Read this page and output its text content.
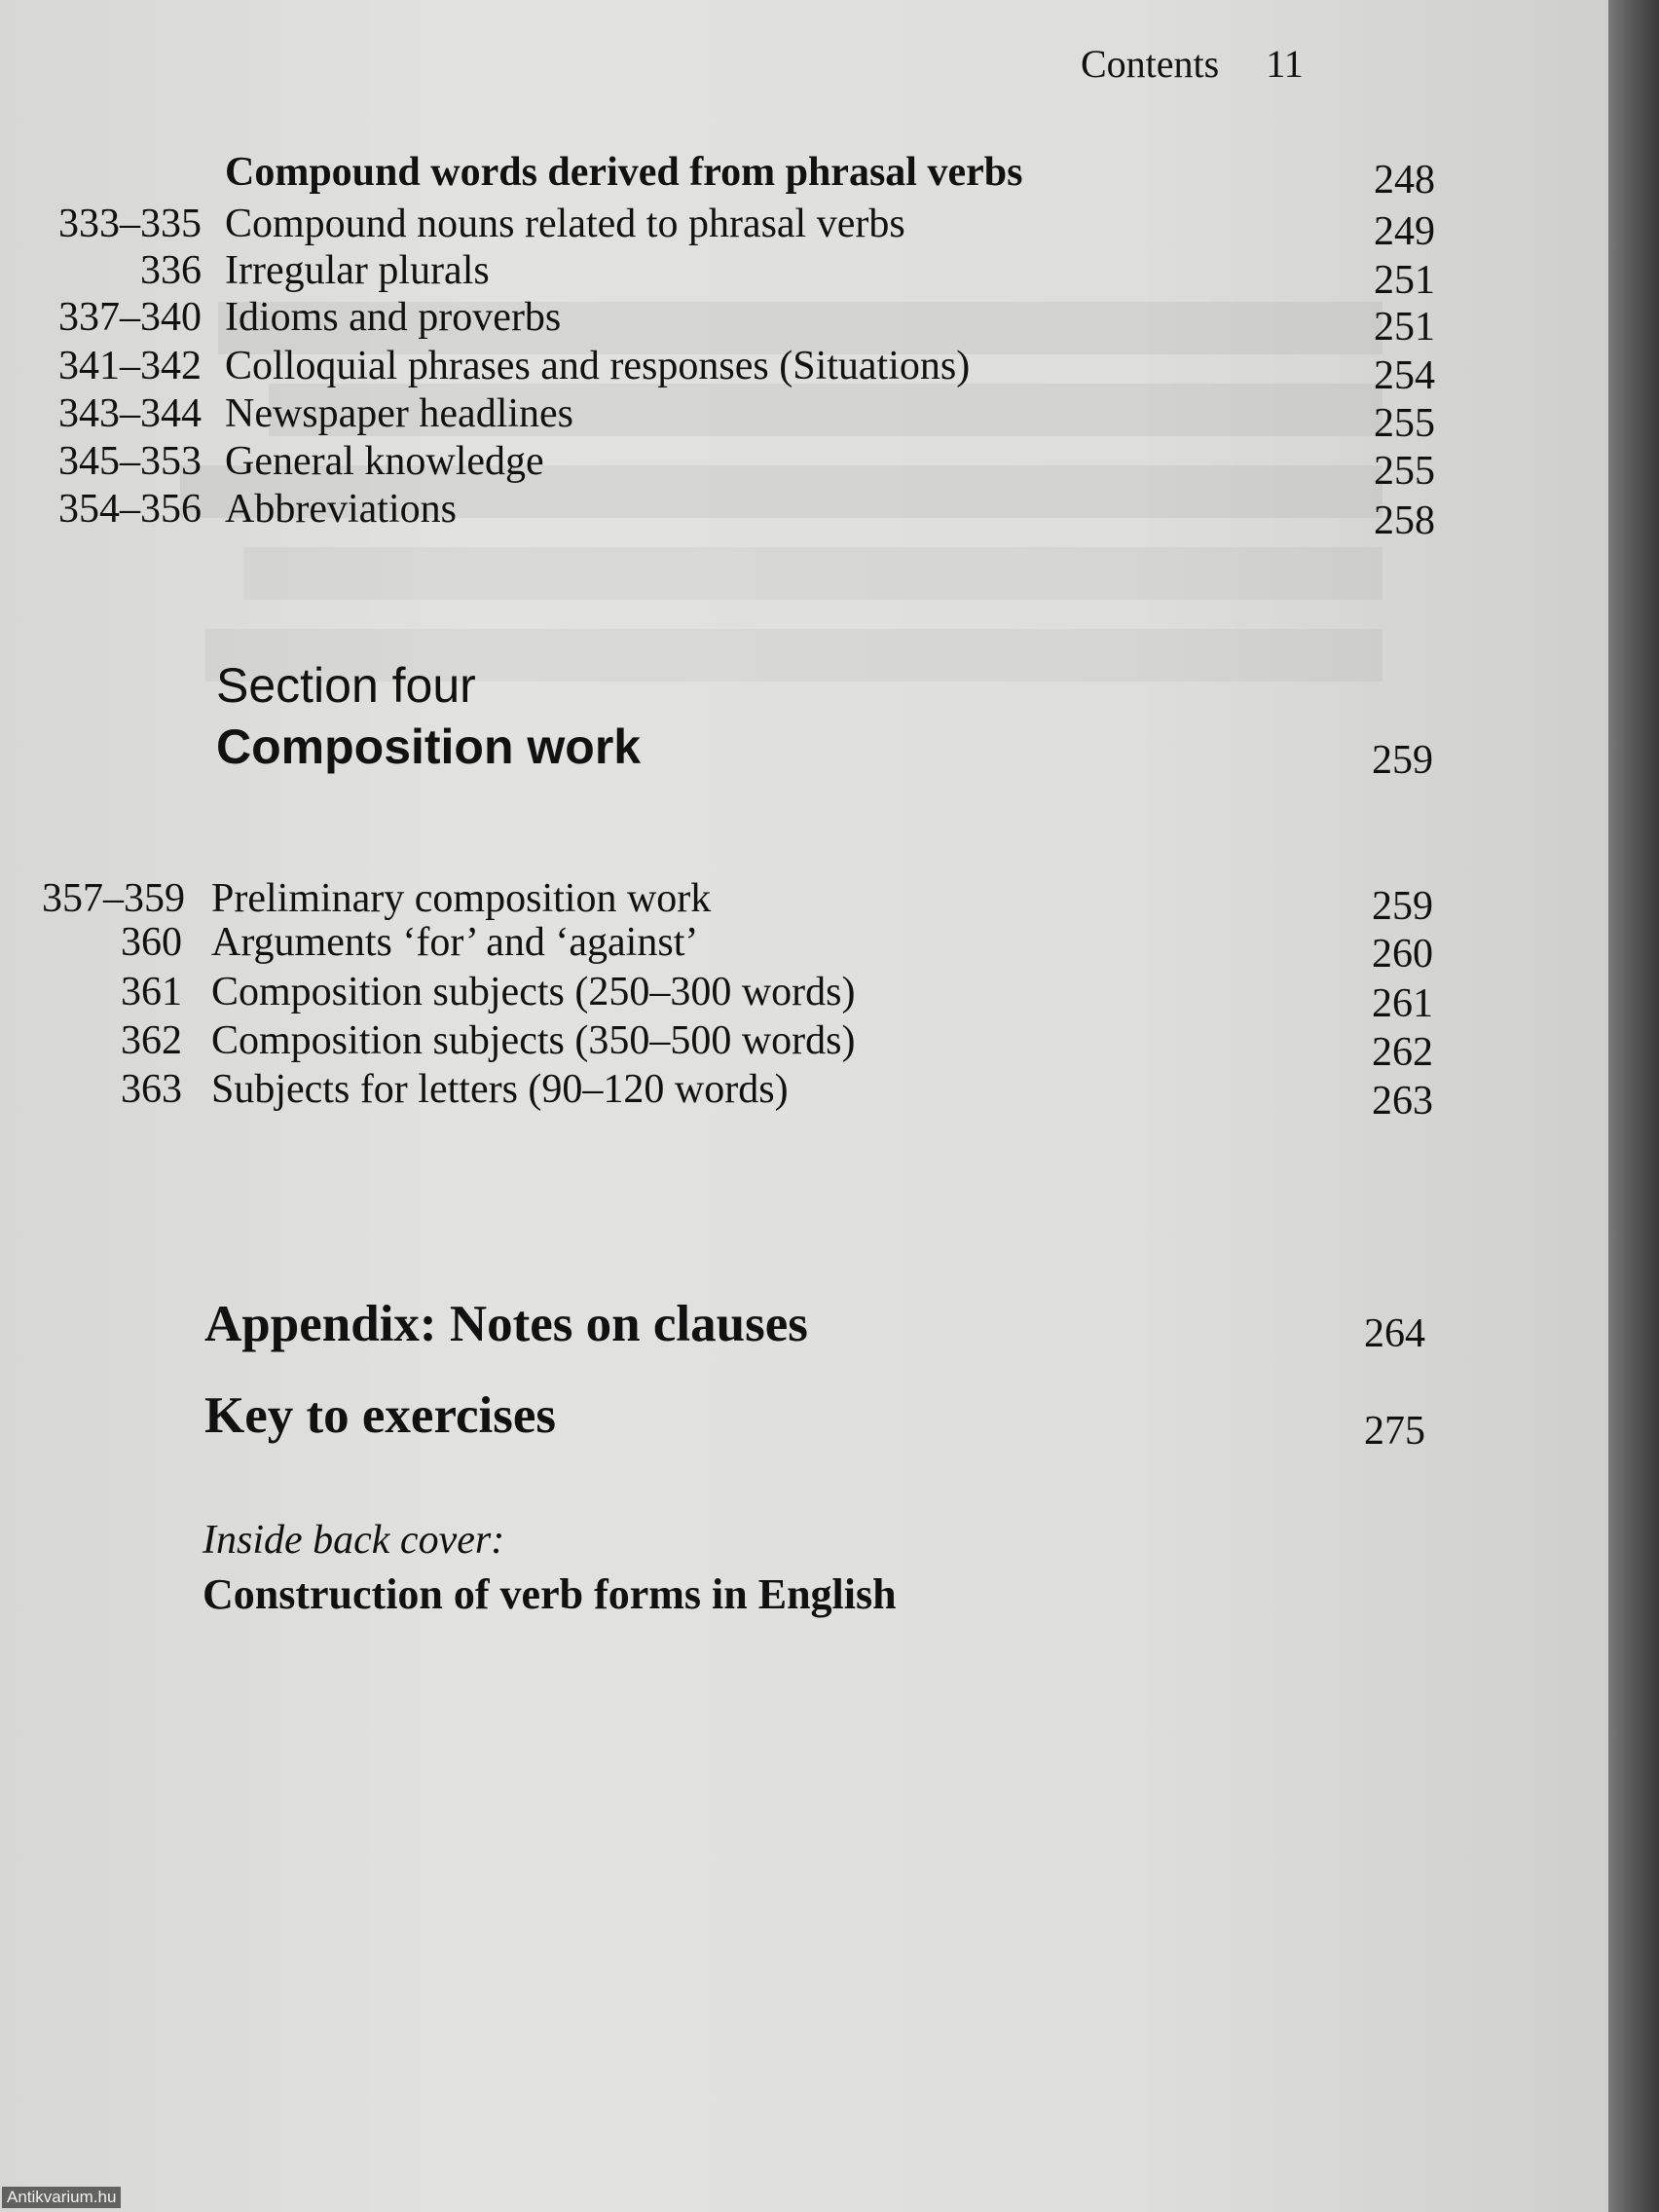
Contents 11
Compound words derived from phrasal verbs	248
333–335 Compound nouns related to phrasal verbs	249
336 Irregular plurals	251
337–340 Idioms and proverbs	251
341–342 Colloquial phrases and responses (Situations)	254
343–344 Newspaper headlines	255
345–353 General knowledge	255
354–356 Abbreviations	258
Section four
Composition work	259
357–359 Preliminary composition work	259
360 Arguments ‘for’ and ‘against’	260
361 Composition subjects (250–300 words)	261
362 Composition subjects (350–500 words)	262
363 Subjects for letters (90–120 words)	263
Appendix: Notes on clauses	264
Key to exercises	275
Inside back cover:
Construction of verb forms in English
Antikvarium.hu
